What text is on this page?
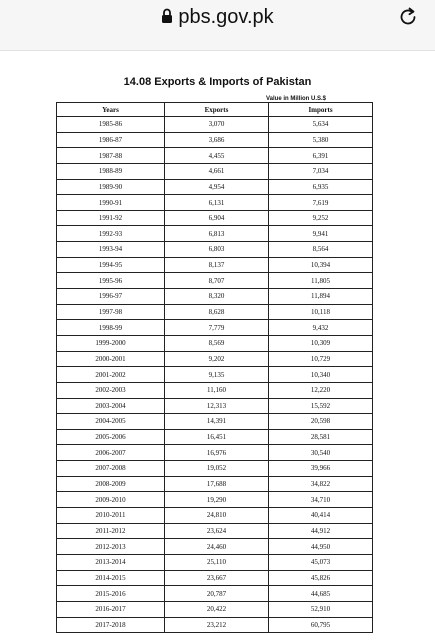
pbs.gov.pk
14.08 Exports & Imports of Pakistan
Value in Million U.S.$
Years	Exports	Imports
1985-86	3,070	5,634
1986-87	3,686	5,380
1987-88	4,455	6,391
1988-89	4,661	7,034
1989-90	4,954	6,935
1990-91	6,131	7,619
1991-92	6,904	9,252
1992-93	6,813	9,941
1993-94	6,803	8,564
1994-95	8,137	10,394
1995-96	8,707	11,805
1996-97	8,320	11,894
1997-98	8,628	10,118
1998-99	7,779	9,432
1999-2000	8,569	10,309
2000-2001	9,202	10,729
2001-2002	9,135	10,340
2002-2003	11,160	12,220
2003-2004	12,313	15,592
2004-2005	14,391	20,598
2005-2006	16,451	28,581
2006-2007	16,976	30,540
2007-2008	19,052	39,966
2008-2009	17,688	34,822
2009-2010	19,290	34,710
2010-2011	24,810	40,414
2011-2012	23,624	44,912
2012-2013	24,460	44,950
2013-2014	25,110	45,073
2014-2015	23,667	45,826
2015-2016	20,787	44,685
2016-2017	20,422	52,910
2017-2018	23,212	60,795
